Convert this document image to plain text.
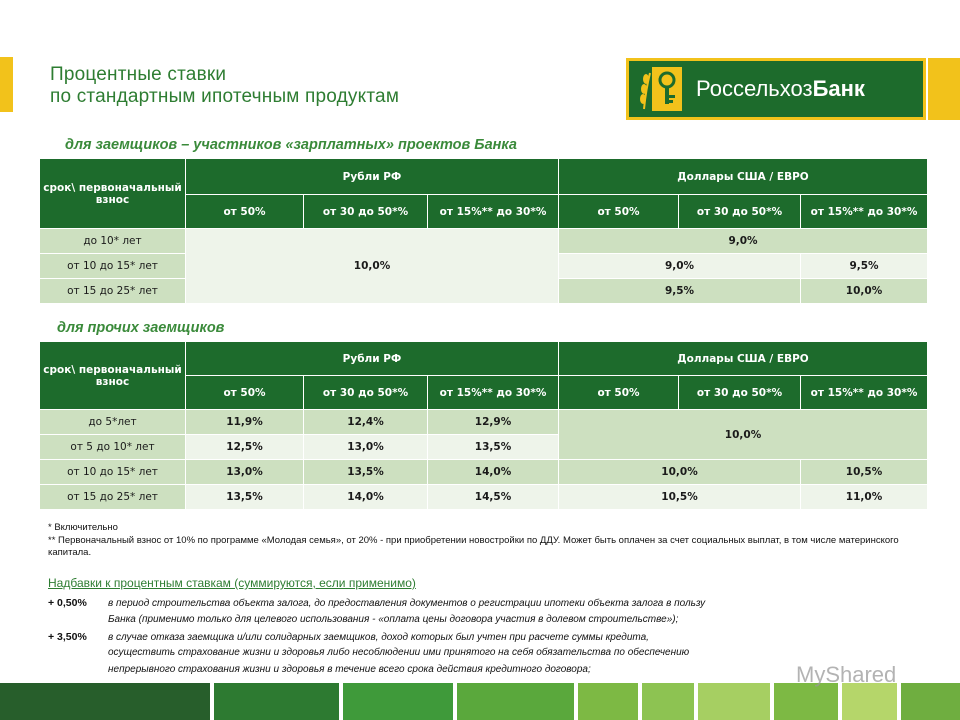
Процентные ставки
по стандартным ипотечным продуктам	РоссельхозБанк
для заемщиков – участников «зарплатных» проектов Банка
срок\ первоначальный взнос	Рубли РФ			Доллары США / ЕВРО		
	от 50%	от 30 до 50*%	от 15%** до 30*%	от 50%	от 30 до 50*%	от 15%** до 30*%
до 10* лет	10,0%			9,0%		
от 10 до 15* лет				9,0%		9,5%
от 15 до 25* лет				9,5%		10,0%
для прочих заемщиков
срок\ первоначальный взнос	Рубли РФ			Доллары США / ЕВРО		
	от 50%	от 30 до 50*%	от 15%** до 30*%	от 50%	от 30 до 50*%	от 15%** до 30*%
до 5*лет	11,9%	12,4%	12,9%	10,0%		
от 5 до 10* лет	12,5%	13,0%	13,5%			
от 10 до 15* лет	13,0%	13,5%	14,0%	10,0%		10,5%
от 15 до 25* лет	13,5%	14,0%	14,5%	10,5%		11,0%
* Включительно
** Первоначальный взнос от 10% по программе «Молодая семья», от 20% - при приобретении новостройки по ДДУ. Может быть оплачен за счет социальных выплат, в том числе материнского капитала.
Надбавки к процентным ставкам (суммируются, если применимо)
+ 0,50% в период строительства объекта залога, до предоставления документов о регистрации ипотеки объекта залога в пользу
Банка (применимо только для целевого использования - «оплата цены договора участия в долевом строительстве»);
+ 3,50% в случае отказа заемщика и/или солидарных заемщиков, доход которых был учтен при расчете суммы кредита,
осуществить страхование жизни и здоровья либо несоблюдении ими принятого на себя обязательства по обеспечению
непрерывного страхования жизни и здоровья в течение всего срока действия кредитного договора;	MyShared
